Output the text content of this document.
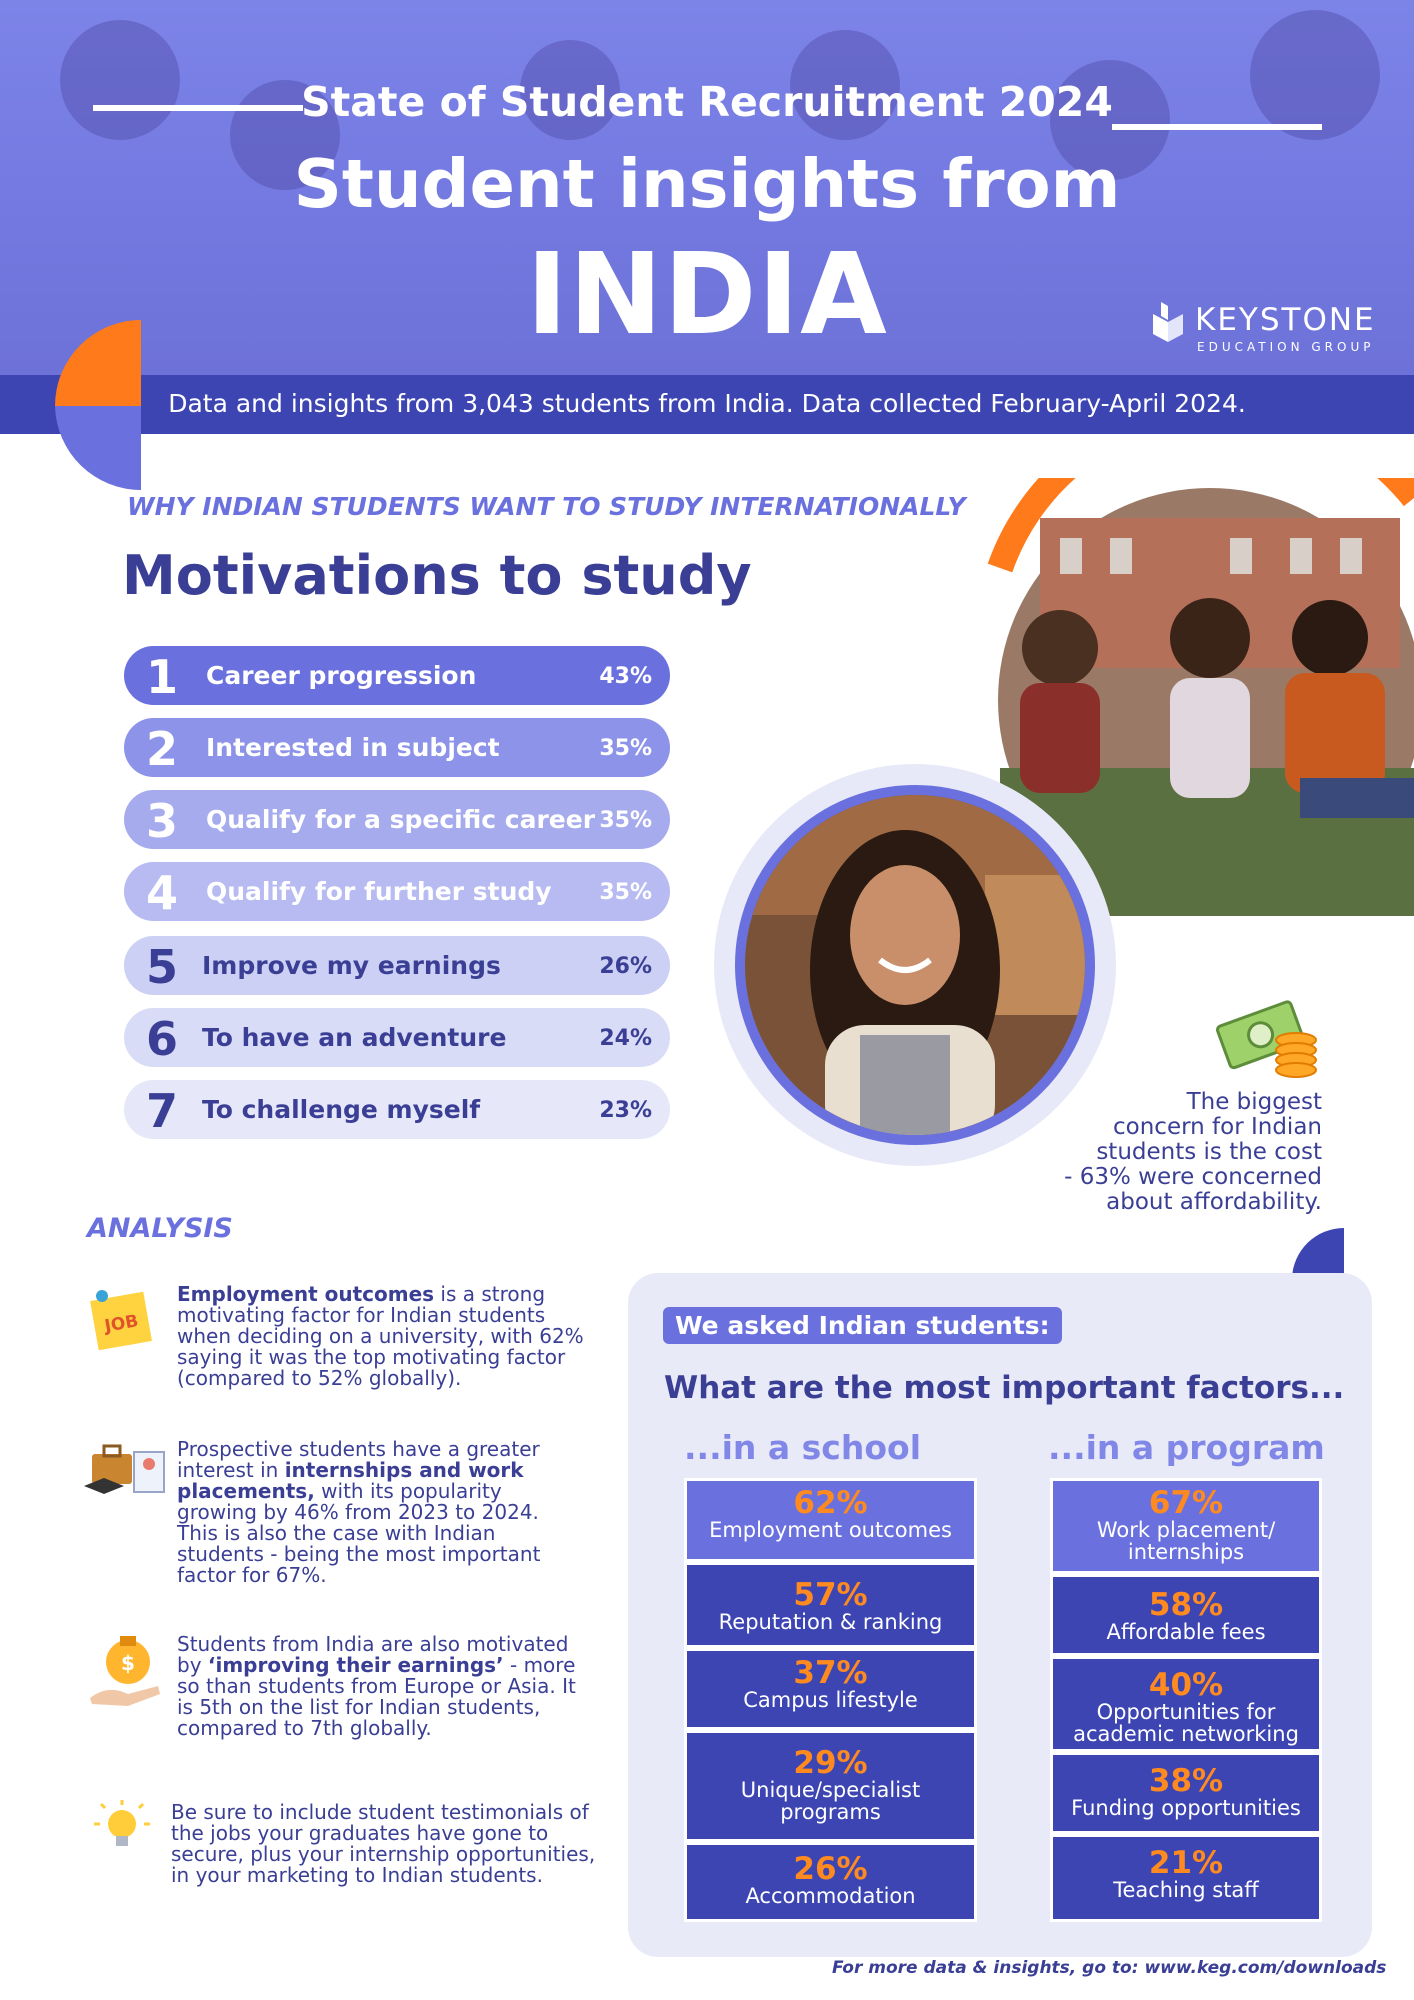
State of Student Recruitment 2024
Student insights from
INDIA	KEYSTONE
EDUCATION GROUP
Data and insights from 3,043 students from India. Data collected February-April 2024.
WHY INDIAN STUDENTS WANT TO STUDY INTERNATIONALLY
Motivations to study
1 Career progression	43%
2 Interested in subject	35%
3 Qualify for a specific career 35%
4 Qualify for further study 35%
5 Improve my earnings	26%
6 To have an adventure	24%
7 To challenge myself	23%	The biggest
concern for Indian
students is the cost
- 63% were concerned
about affordability.
ANALYSIS
JOB
Employment outcomes is a strong motivating factor for Indian students when deciding on a university, with 62% saying it was the top motivating factor (compared to 52% globally).
Prospective students have a greater interest in internships and work placements, with its popularity growing by 46% from 2023 to 2024. This is also the case with Indian students - being the most important factor for 67%.
$
Students from India are also motivated by ‘improving their earnings’ - more so than students from Europe or Asia. It is 5th on the list for Indian students, compared to 7th globally.
Be sure to include student testimonials of the jobs your graduates have gone to secure, plus your internship opportunities, in your marketing to Indian students.
We asked Indian students:
What are the most important factors...
...in a school	...in a program
62%
Employment outcomes
57%
Reputation & ranking
37%
Campus lifestyle
29%
Unique/specialist programs
26%
Accommodation
67%
Work placement/ internships
58%
Affordable fees
40%
Opportunities for academic networking
38%
Funding opportunities
21%
Teaching staff
For more data & insights, go to: www.keg.com/downloads
